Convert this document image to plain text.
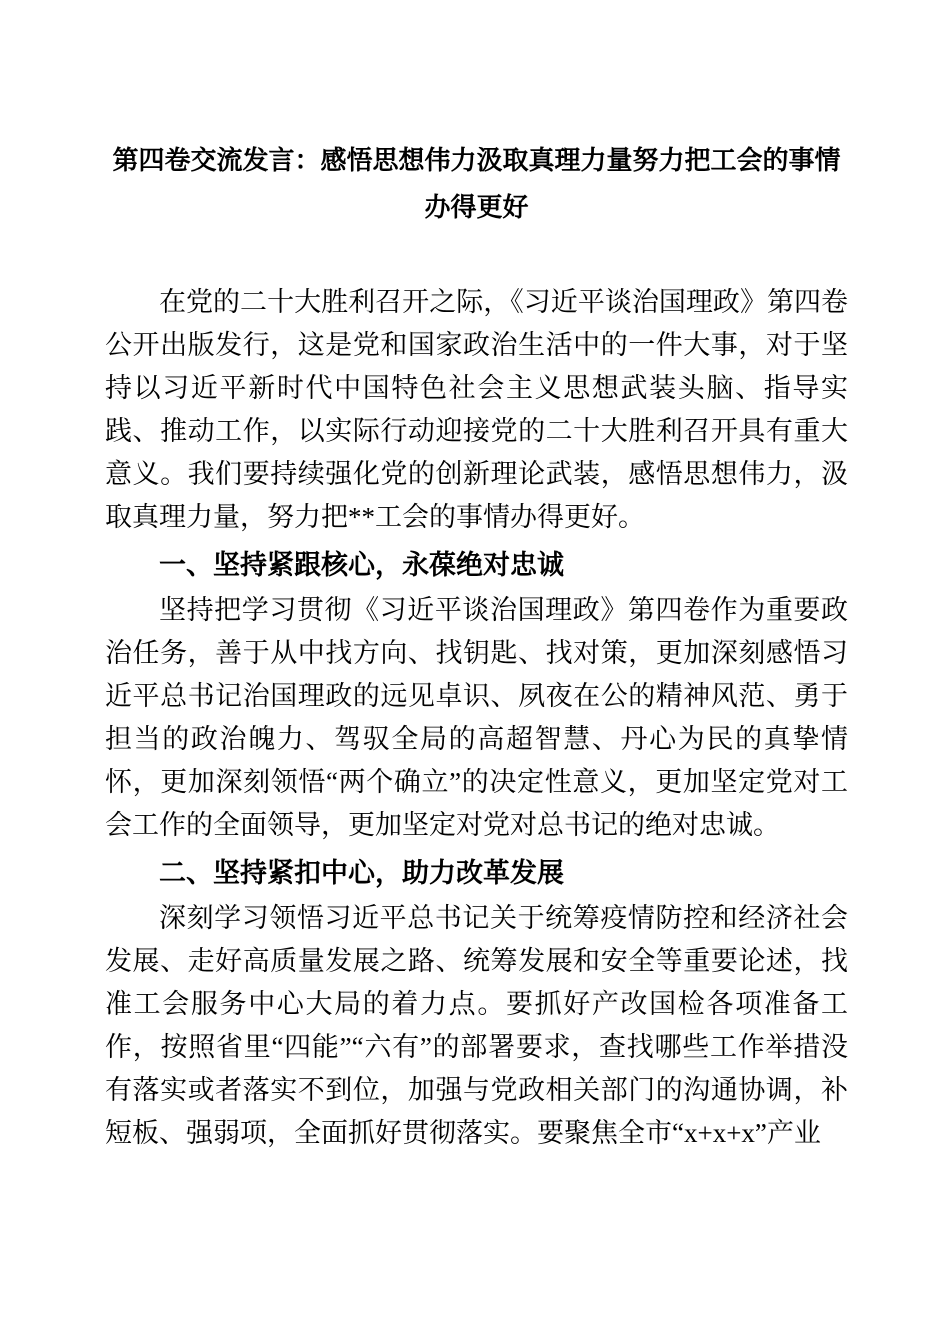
第四卷交流发言：感悟思想伟力汲取真理力量努力把工会的事情办得更好

在党的二十大胜利召开之际，《习近平谈治国理政》第四卷公开出版发行，这是党和国家政治生活中的一件大事，对于坚持以习近平新时代中国特色社会主义思想武装头脑、指导实践、推动工作，以实际行动迎接党的二十大胜利召开具有重大意义。我们要持续强化党的创新理论武装，感悟思想伟力，汲取真理力量，努力把**工会的事情办得更好。

一、坚持紧跟核心，永葆绝对忠诚

坚持把学习贯彻《习近平谈治国理政》第四卷作为重要政治任务，善于从中找方向、找钥匙、找对策，更加深刻感悟习近平总书记治国理政的远见卓识、夙夜在公的精神风范、勇于担当的政治魄力、驾驭全局的高超智慧、丹心为民的真挚情怀，更加深刻领悟“两个确立”的决定性意义，更加坚定党对工会工作的全面领导，更加坚定对党对总书记的绝对忠诚。

二、坚持紧扣中心，助力改革发展

深刻学习领悟习近平总书记关于统筹疫情防控和经济社会发展、走好高质量发展之路、统筹发展和安全等重要论述，找准工会服务中心大局的着力点。要抓好产改国检各项准备工作，按照省里“四能”“六有”的部署要求，查找哪些工作举措没有落实或者落实不到位，加强与党政相关部门的沟通协调，补短板、强弱项，全面抓好贯彻落实。要聚焦全市“x+x+x”产业
